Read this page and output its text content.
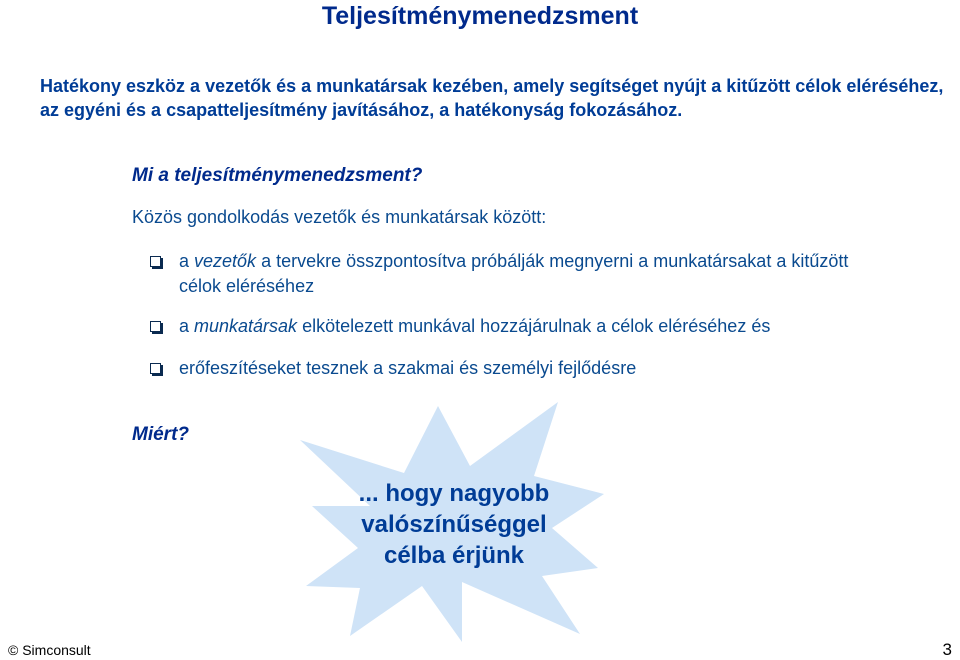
Teljesítménymenedzsment
Hatékony eszköz a vezetők és a munkatársak kezében, amely segítséget nyújt a kitűzött célok eléréséhez, az egyéni és a csapatteljesítmény javításához, a hatékonyság fokozásához.
Mi a teljesítménymenedzsment?
Közös gondolkodás vezetők és munkatársak között:
a vezetők a tervekre összpontosítva próbálják megnyerni a munkatársakat a kitűzött célok eléréséhez
a munkatársak elkötelezett munkával hozzájárulnak a célok eléréséhez és
erőfeszítéseket tesznek a szakmai és személyi fejlődésre
Miért?
... hogy nagyobb
valószínűséggel
célba érjünk
© Simconsult	3
